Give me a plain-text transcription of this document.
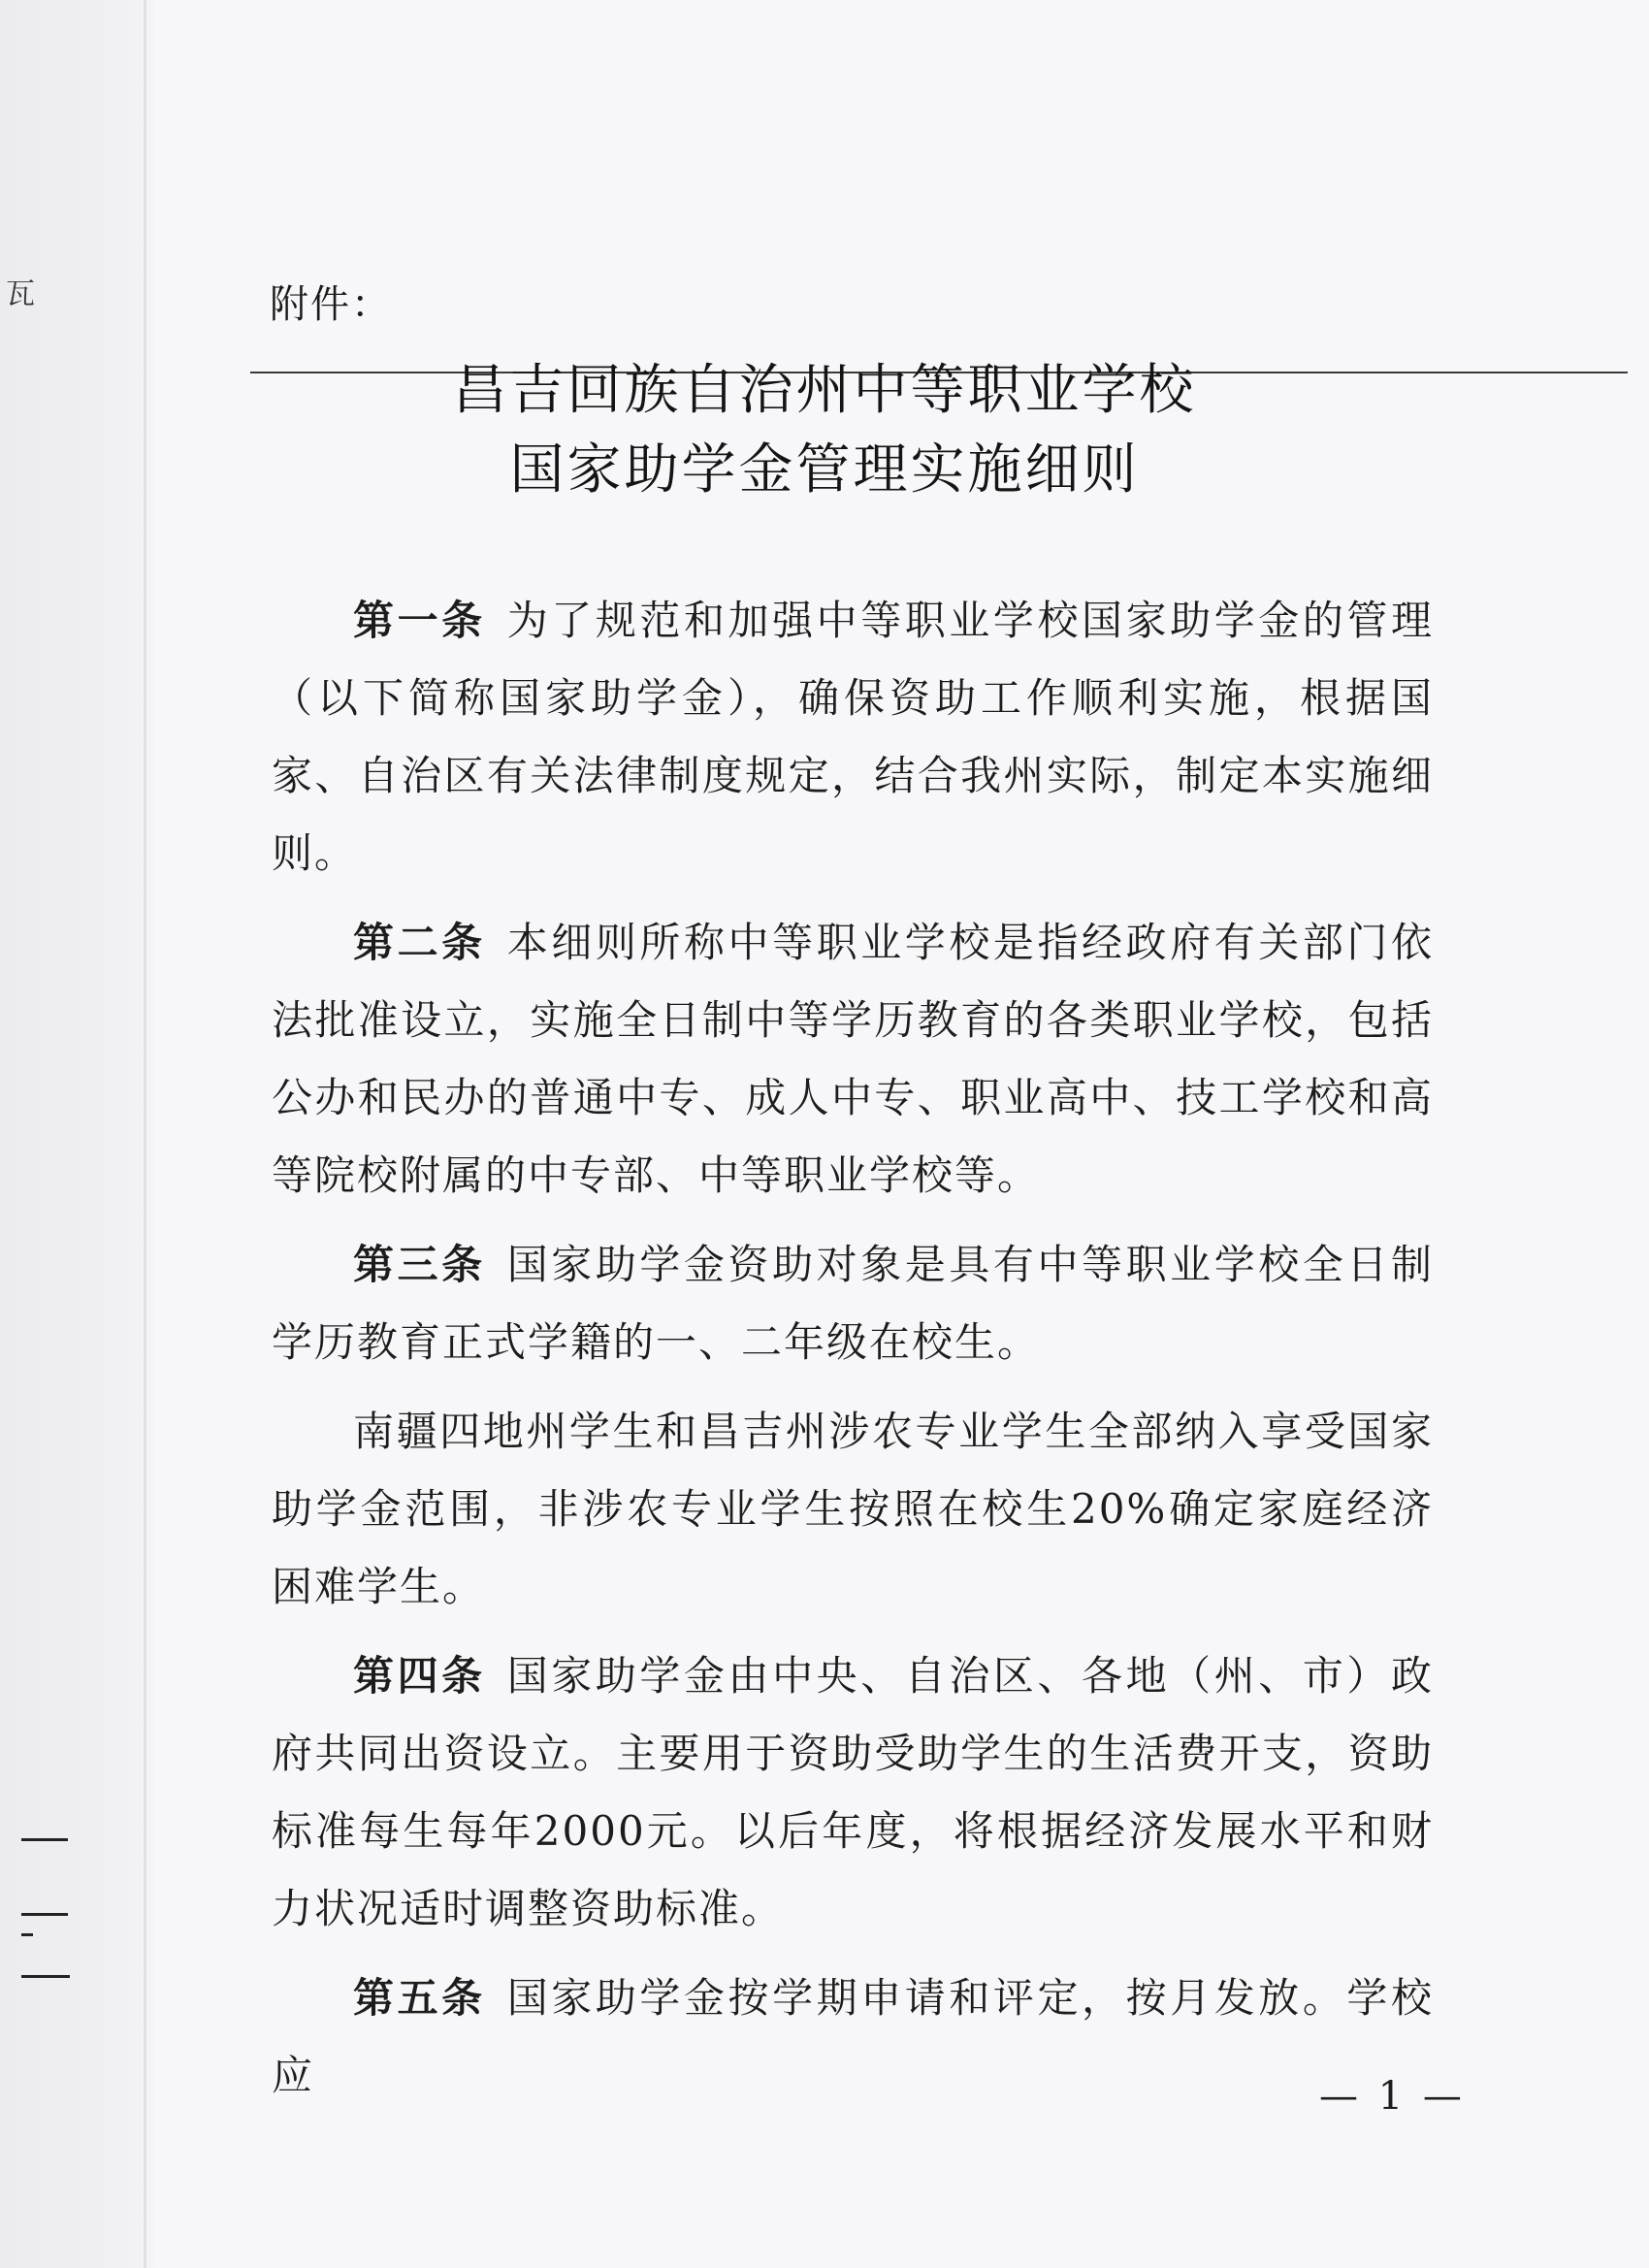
瓦	附件：
昌吉回族自治州中等职业学校
国家助学金管理实施细则

第一条 为了规范和加强中等职业学校国家助学金的管理（以下简称国家助学金），确保资助工作顺利实施，根据国家、自治区有关法律制度规定，结合我州实际，制定本实施细则。

第二条 本细则所称中等职业学校是指经政府有关部门依法批准设立，实施全日制中等学历教育的各类职业学校，包括公办和民办的普通中专、成人中专、职业高中、技工学校和高等院校附属的中专部、中等职业学校等。

第三条 国家助学金资助对象是具有中等职业学校全日制学历教育正式学籍的一、二年级在校生。

南疆四地州学生和昌吉州涉农专业学生全部纳入享受国家助学金范围，非涉农专业学生按照在校生20%确定家庭经济困难学生。

第四条 国家助学金由中央、自治区、各地（州、市）政府共同出资设立。主要用于资助受助学生的生活费开支，资助标准每生每年2000元。以后年度，将根据经济发展水平和财力状况适时调整资助标准。

第五条 国家助学金按学期申请和评定，按月发放。学校应	— 1 —
